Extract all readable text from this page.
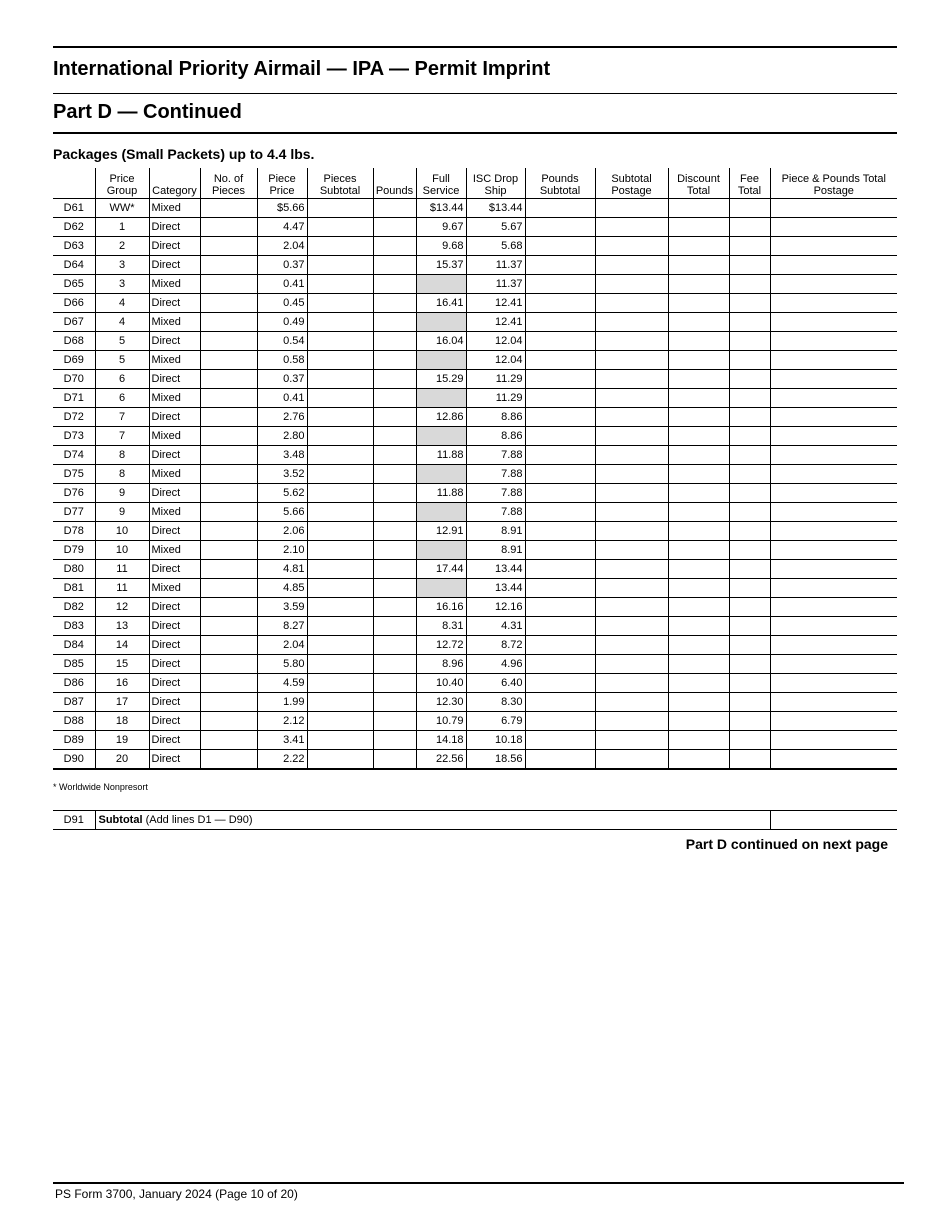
International Priority Airmail — IPA — Permit Imprint
Part D — Continued
Packages (Small Packets) up to 4.4 lbs.
	Price Group	Category	No. of Pieces	Piece Price	Pieces Subtotal	Pounds	Full Service	ISC Drop Ship	Pounds Subtotal	Subtotal Postage	Discount Total	Fee Total	Piece & Pounds Total Postage
D61	WW*	Mixed		$5.66			$13.44	$13.44					
D62	1	Direct		4.47			9.67	5.67					
D63	2	Direct		2.04			9.68	5.68					
D64	3	Direct		0.37			15.37	11.37					
D65	3	Mixed		0.41				11.37					
D66	4	Direct		0.45			16.41	12.41					
D67	4	Mixed		0.49				12.41					
D68	5	Direct		0.54			16.04	12.04					
D69	5	Mixed		0.58				12.04					
D70	6	Direct		0.37			15.29	11.29					
D71	6	Mixed		0.41				11.29					
D72	7	Direct		2.76			12.86	8.86					
D73	7	Mixed		2.80				8.86					
D74	8	Direct		3.48			11.88	7.88					
D75	8	Mixed		3.52				7.88					
D76	9	Direct		5.62			11.88	7.88					
D77	9	Mixed		5.66				7.88					
D78	10	Direct		2.06			12.91	8.91					
D79	10	Mixed		2.10				8.91					
D80	11	Direct		4.81			17.44	13.44					
D81	11	Mixed		4.85				13.44					
D82	12	Direct		3.59			16.16	12.16					
D83	13	Direct		8.27			8.31	4.31					
D84	14	Direct		2.04			12.72	8.72					
D85	15	Direct		5.80			8.96	4.96					
D86	16	Direct		4.59			10.40	6.40					
D87	17	Direct		1.99			12.30	8.30					
D88	18	Direct		2.12			10.79	6.79					
D89	19	Direct		3.41			14.18	10.18					
D90	20	Direct		2.22			22.56	18.56					
* Worldwide Nonpresort
D91	Subtotal (Add lines D1 — D90)	
Part D continued on next page
PS Form 3700, January 2024 (Page 10 of 20)
